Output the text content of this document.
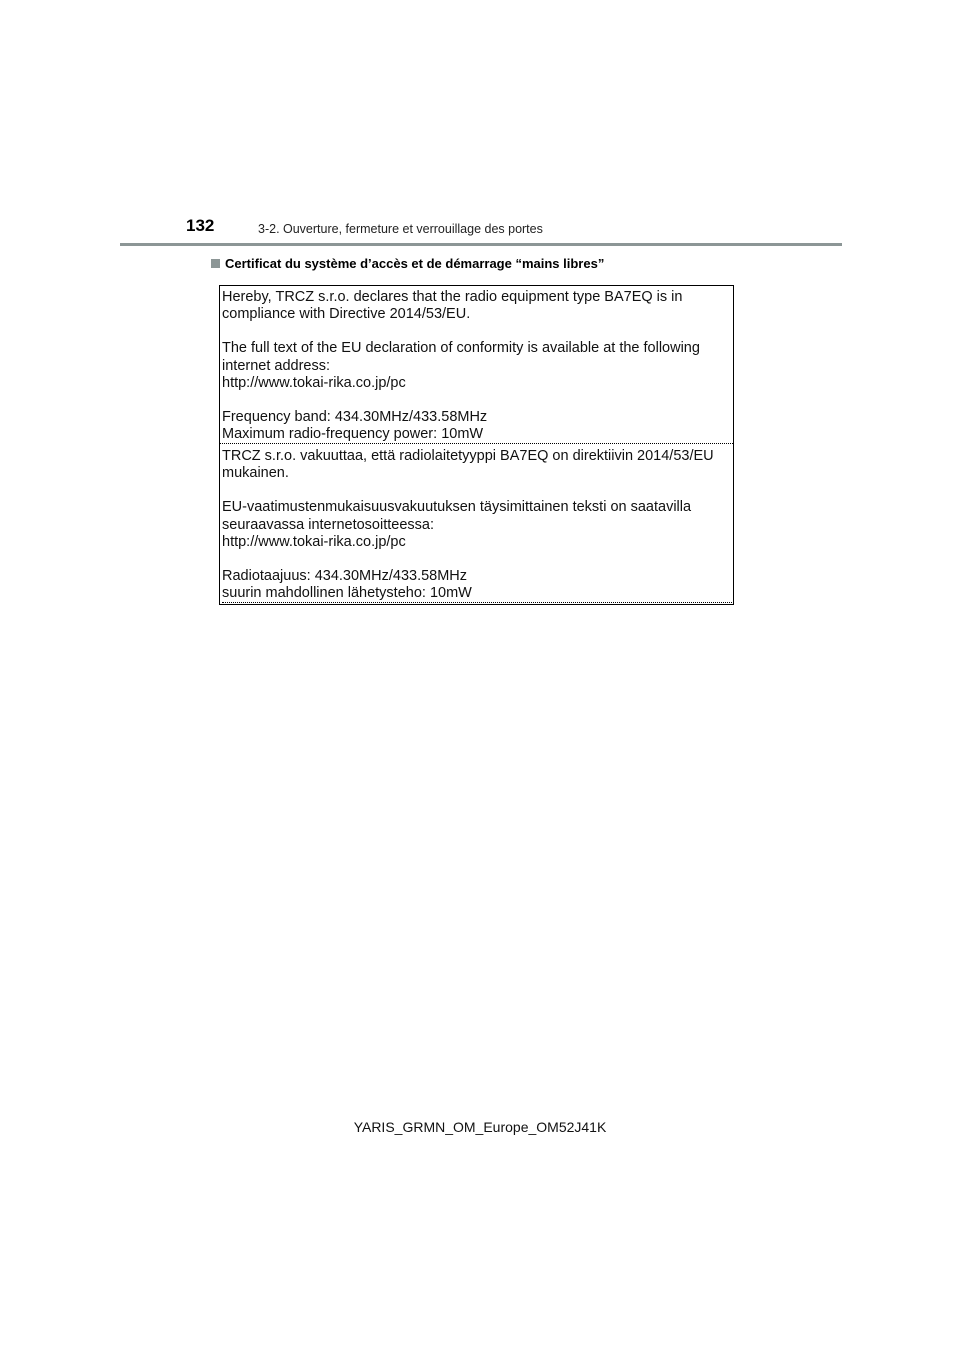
132	3-2. Ouverture, fermeture et verrouillage des portes
Certificat du système d’accès et de démarrage “mains libres”
Hereby, TRCZ s.r.o. declares that the radio equipment type BA7EQ is in
compliance with Directive 2014/53/EU.
The full text of the EU declaration of conformity is available at the following
internet address:
http://www.tokai-rika.co.jp/pc
Frequency band: 434.30MHz/433.58MHz
Maximum radio-frequency power: 10mW
TRCZ s.r.o. vakuuttaa, että radiolaitetyyppi BA7EQ on direktiivin 2014/53/EU
mukainen.
EU-vaatimustenmukaisuusvakuutuksen täysimittainen teksti on saatavilla
seuraavassa internetosoitteessa:
http://www.tokai-rika.co.jp/pc
Radiotaajuus: 434.30MHz/433.58MHz
suurin mahdollinen lähetysteho: 10mW
YARIS_GRMN_OM_Europe_OM52J41K
